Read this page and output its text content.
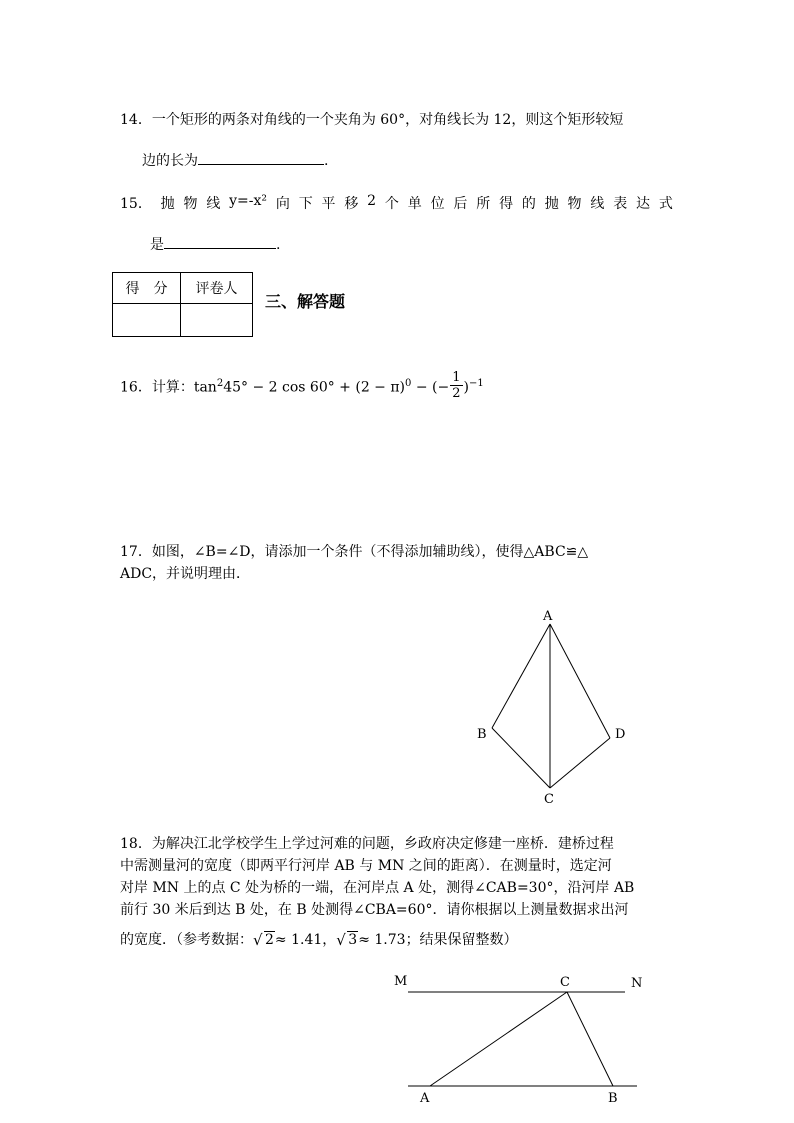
14．一个矩形的两条对角线的一个夹角为 60°，对角线长为 12，则这个矩形较短
边的长为	.
15． 抛 物 线 y=-x² 向 下 平 移 2 个 单 位 后 所 得 的 抛 物 线 表 达 式
是	.
得　分	评卷人

三、解答题
16．计算：$\tan^245^\circ - 2$ $\cos 60^\circ + (2 - \pi)^0$ − (− $\frac{1}{2} )^{-1}$
17．如图，∠B=∠D，请添加一个条件（不得添加辅助线），使得△ABC≌△
ADC，并说明理由．
A
B
C
D
18．为解决江北学校学生上学过河难的问题，乡政府决定修建一座桥．建桥过程
中需测量河的宽度（即两平行河岸 AB 与 MN 之间的距离）．在测量时，选定河
对岸 MN 上的点 C 处为桥的一端，在河岸点 A 处，测得∠CAB=30°，沿河岸 AB
前行 30 米后到达 B 处，在 B 处测得∠CBA=60°．请你根据以上测量数据求出河
的宽度．（参考数据： √ 2≈ 1.41， √ 3≈ 1.73；结果保留整数）
M	N
C
A	B
